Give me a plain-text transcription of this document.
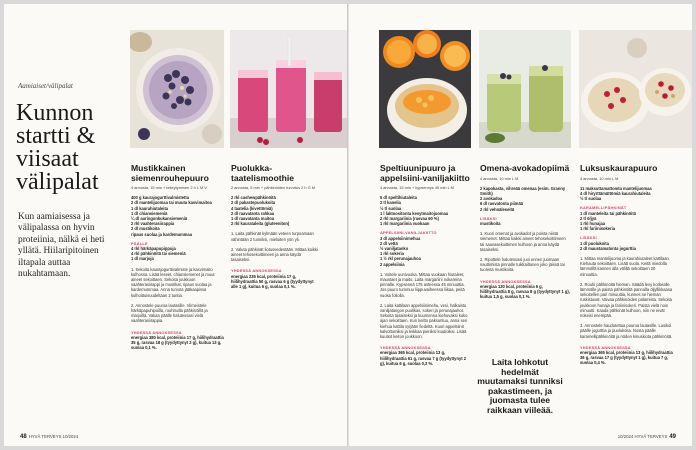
Aamiaiset/välipalat
Kunnon
startti &
viisaat
välipalat
Kun aamiaisessa ja välipalassa on hyvin proteiinia, nälkä ei heti yllätä. Hiilaripitoinen iltapala auttaa nukahtamaan.
Mustikkainen siemenrouhepuuro
4 annosta, 15 min + tekeytyminen 2 h L M V
400 g kaurajogurttivalmistetta
2 dl mantelijuomaa tai muuta kasvimaitoa
1 dl kaurahiutaleita
1 dl chiansiemeniä
¼ dl auringonkukansiemeniä
2 rkl vaahterasiirappia
2 dl mustikoita
ripaus suolaa ja kardemummaa
PÄÄLLE
4 rkl härkäpapupippuja
4 rkl pähkinöitä tai siemeniä
1 dl marjoja
1. Sekoita kaurajogurttivalmiste ja kasvimaito kulhossa. Lisää leseet, chiansiemenet ja muut aineet sekoittaen. Sekoita joukkoon vaahterasiirappi ja mustikat, ripaus suolaa ja kardemummaa. Anna turvota jääkaapissa kulhoittuisuudeltaan 2 tuntia.
2. Annostele puuroa lautasille. Viimeistele härkäpapuhipuilla, rouhituilla pähkinöillä ja marjoilla. Valuta päälle halutessasi vielä vaahterasiirappia.
YHDESSÄ ANNOKSESSA
energiaa 380 kcal, proteiinia 17 g, hiilihydraattia 35 g, rasvaa 18 g (tyydyttynyt 2 g), kuitua 13 g, suolaa 0,1 %.
Puolukka-taatelismoothie
2 annosta, 5 min + pähkinöiden turvotus 2 h G M
2 rkl cashewpähkinöitä
2 dl pakastepuolukoita
4 taatelia (kivettömiä)
2 dl raavatanta rahkaa
1 dl raavatanta maitoa
2 rkl kaurataleita (gluteeniton)
1. Laita pähkinät kylmään veteen turpoamaan vähintään 2 tunniksi, mieluiten yön yli.
2. Valuta pähkinät liotusvedestään. Mittaa kaikki aineet tehosekoittimeen ja anna käydä tasaiseksi.
YHDESSÄ ANNOKSESSA
energiaa 235 kcal, proteiinia 17 g, hiilihydraattia 50 g, rasvaa 6 g (tyydyttynyt alle 1 g), kuitua 6 g, suolaa 0,1 %.
48 HYVÄ TERVEYS 10/2024
Speltiuunipuuro ja appelsiini-vaniljakiitto
4 annosta, 15 min + kypsennys 45 min L M
5 dl speltihiutaleita
2 tl kanelia
½ tl suolaa
1 l laktoositonta kevytmaitojuomaa
2 rkl margariinia (rasvaa 60 %)
1 rkl margariinia vuokaan
APPELSIINI-VANILJAKIITTO
3 dl appelsiinimehua
2 dl vettä
½ vaniljatanko
1 rkl sokeria
1 ½ rkl perunajauhoa
2 appelsiinia
1. Voitele uunivuoka. Mittaa vuokaan hiutaleet, maustaet ja maito. Laita margariini nokareina pinnalle. Kypsennä 175 asteessa 45 minuuttia. Jos puuro tummuu liippuvaiheessa liikaa, peitä vuoka foliolla.
2. Laita kattilaan appelsiinimehu, vesi, halkaistu vaniljatangon puolikas, sokeri ja perunajauhot. Sekoita tasaiseksi ja kuumenna kiehuvaksi koko ajan sekoittaen. Kun keitto paksuntuu, anna sen kiehua kattila syrjään fiedeltä. Kuori appelsiinit kalvottomiksi ja leikkaa pieniksi kuutioiksi. Lisää kuutiot keiton joukkoon.
YHDESSÄ ANNOKSESSA
energiaa 365 kcal, proteiinia 13 g, hiilihydraattia 61 g, rasvaa 7 g (tyydyttynyt 2 g), kuitua 6 g, suolaa 0,3 %.
Omena-avokadopiimä
4 annosta, 10 min L M
2 kapokasta, vihreää omenaa (esim. Granny Smith)
2 avokadoa
6 dl rasvatonta piimää
2 rkl vehnäleseitä
LISÄKSI
mustikoita
1. Kuori omenat ja avokadot ja poista niistä siemenet. Mittaa kaikki aineet tehosekoittimeen tai sauvasekoittimen kulhoon ja anna käydä tasaiseksi.
2. Ripottele halutessasi juoi ennen juomaan nauttimista pinnalle tuikkailtunen joko jäissä tai tuoreita mustikoita.
YHDESSÄ ANNOKSESSA
energiaa 130 kcal, proteiinia 6 g, hiilihydraattia 8 g, rasvaa 8 g (tyydyttynyt 1 g), kuitua 1,5 g, suolaa 0,1 %.
Laita lohkotut hedelmät muutamaksi tunniksi pakastimeen, ja juomasta tulee raikkaan viileää.
Luksuskaurapuuro
4 annosta, 10 min L M
11 maksuttamattomta mantelijuomaa
4 dl hiryrttämättömiä kaurahiutaleita
½ tl suolaa
KARAMELLIPÄHKINÄT
1 dl manteleita tai pähkinöitä
2 tl öljyä
1 rkl hunajaa
1 rkl fariinisokeria
LISÄKSI
1 dl puolukoita
2 dl maustamatonta jogurttia
1. Mittaa mantelijuoma ja kaurahiutaleet kattilaan. Kiehauta sekoittaen. Lisää suola. Keitä miedolla lämmöllä kannen alla välillä sekoittaen 20 minuuttia.
2. Rouhi pähkinöitä hieman. Säädä levy korkealle lämmölle ja paista pähkinöitä pannulla öljyllikkaasa sekoitellen pari minuuttia, kunnes ne hieman ruskistuvat. Vaivaa pähkinöiden palamista. Sekoita joukkoon hunaja ja fariinisokeri. Paista vielä noin minuutti. Kaada pähkinät kulhoon, niin ne eivät nokeisi enempää.
3. Annostele haudutettua puuroa lautasille. Lusikoi päälle jogurttia ja puolukoita. Nosta päälle karamellipähkinöitä ja nöden kinuskiota pähkinöitä.
YHDESSÄ ANNOKSESSA
energiaa 365 kcal, proteiinia 13 g, hiilihydraattia 36 g, rasvaa 17 g (tyydyttynyt 1 g), kuitua 7 g, suolaa 0,4 %.
10/2024 HYVÄ TERVEYS 49
